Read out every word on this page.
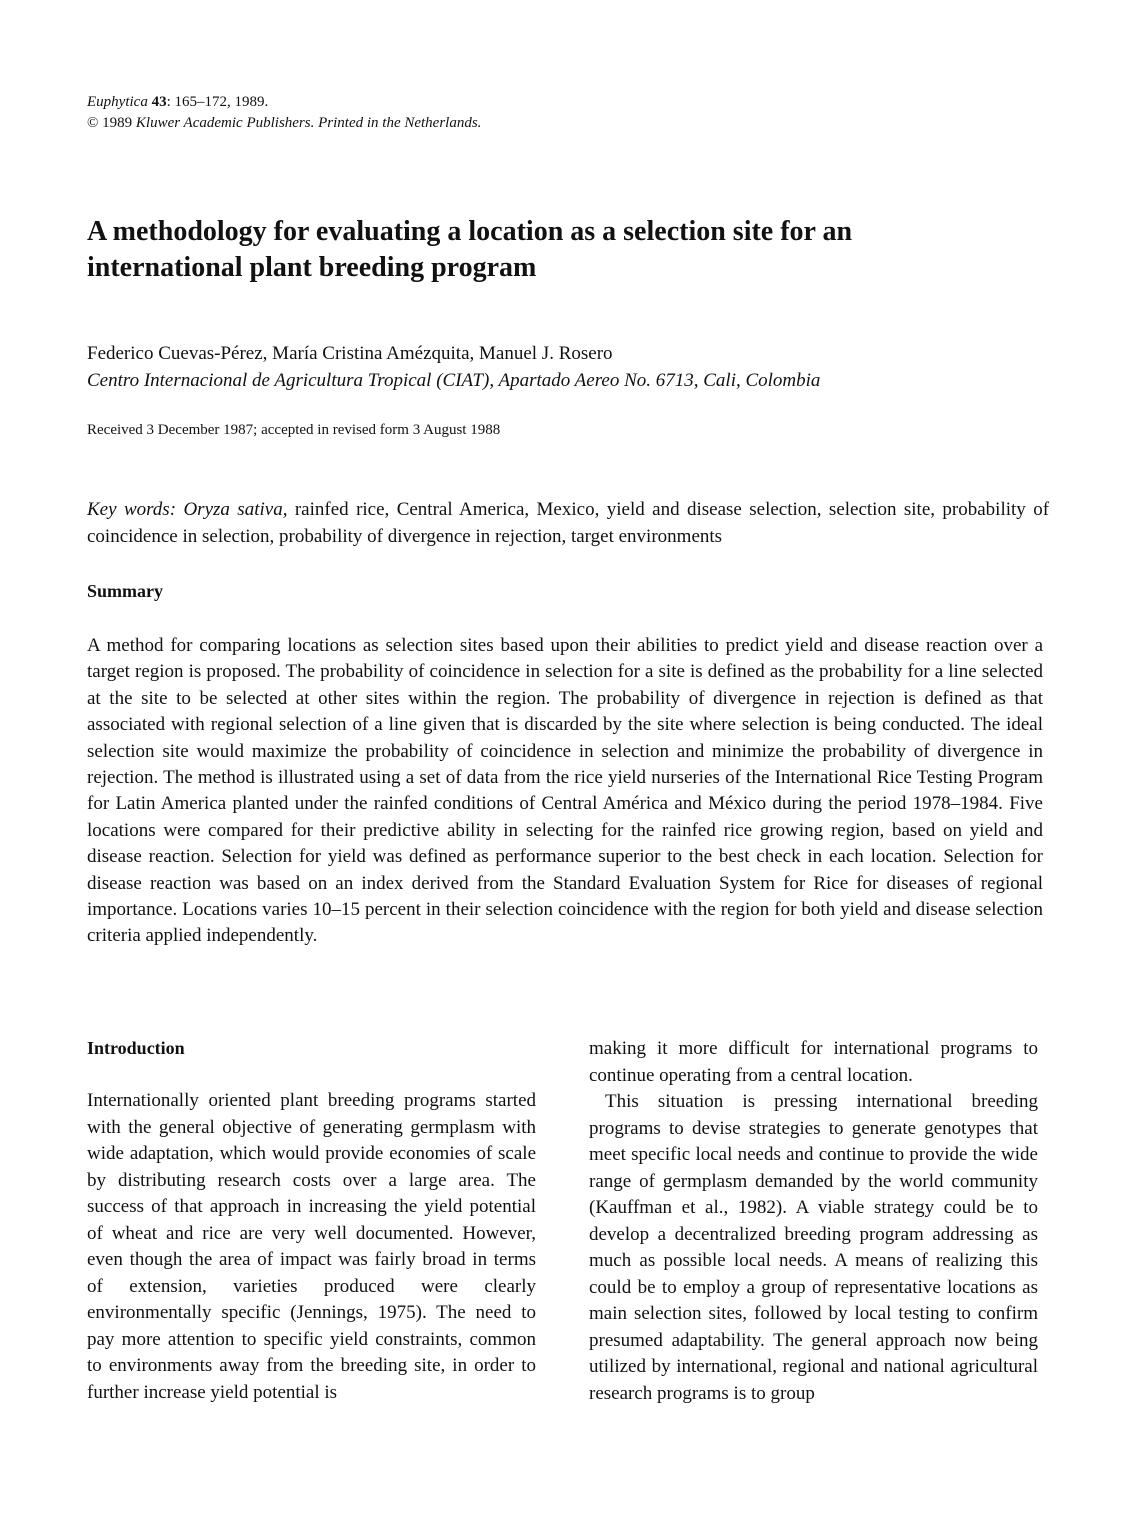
Euphytica 43: 165–172, 1989.
© 1989 Kluwer Academic Publishers. Printed in the Netherlands.
A methodology for evaluating a location as a selection site for an international plant breeding program
Federico Cuevas-Pérez, María Cristina Amézquita, Manuel J. Rosero
Centro Internacional de Agricultura Tropical (CIAT), Apartado Aereo No. 6713, Cali, Colombia
Received 3 December 1987; accepted in revised form 3 August 1988
Key words: Oryza sativa, rainfed rice, Central America, Mexico, yield and disease selection, selection site, probability of coincidence in selection, probability of divergence in rejection, target environments
Summary

A method for comparing locations as selection sites based upon their abilities to predict yield and disease reaction over a target region is proposed. The probability of coincidence in selection for a site is defined as the probability for a line selected at the site to be selected at other sites within the region. The probability of divergence in rejection is defined as that associated with regional selection of a line given that is discarded by the site where selection is being conducted. The ideal selection site would maximize the probability of coincidence in selection and minimize the probability of divergence in rejection. The method is illustrated using a set of data from the rice yield nurseries of the International Rice Testing Program for Latin America planted under the rainfed conditions of Central América and México during the period 1978–1984. Five locations were compared for their predictive ability in selecting for the rainfed rice growing region, based on yield and disease reaction. Selection for yield was defined as performance superior to the best check in each location. Selection for disease reaction was based on an index derived from the Standard Evaluation System for Rice for diseases of regional importance. Locations varies 10–15 percent in their selection coincidence with the region for both yield and disease selection criteria applied independently.

Introduction

Internationally oriented plant breeding programs started with the general objective of generating germplasm with wide adaptation, which would provide economies of scale by distributing research costs over a large area. The success of that approach in increasing the yield potential of wheat and rice are very well documented. However, even though the area of impact was fairly broad in terms of extension, varieties produced were clearly environmentally specific (Jennings, 1975). The need to pay more attention to specific yield constraints, common to environments away from the breeding site, in order to further increase yield potential is

making it more difficult for international programs to continue operating from a central location.

This situation is pressing international breeding programs to devise strategies to generate genotypes that meet specific local needs and continue to provide the wide range of germplasm demanded by the world community (Kauffman et al., 1982). A viable strategy could be to develop a decentralized breeding program addressing as much as possible local needs. A means of realizing this could be to employ a group of representative locations as main selection sites, followed by local testing to confirm presumed adaptability. The general approach now being utilized by international, regional and national agricultural research programs is to group
